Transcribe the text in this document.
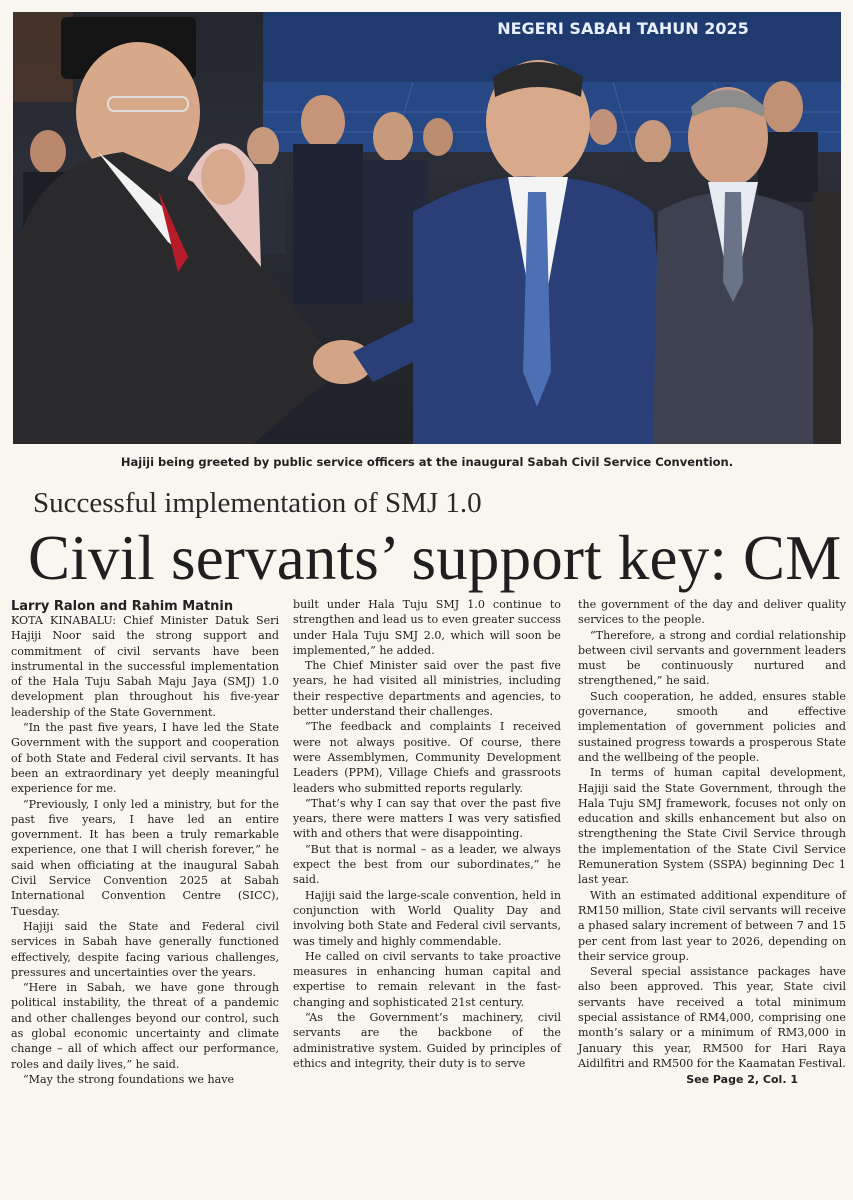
NEGERI SABAH TAHUN 2025
Hajiji being greeted by public service officers at the inaugural Sabah Civil Service Convention.
Successful implementation of SMJ 1.0
Civil servants’ support key: CM
Larry Ralon and Rahim Matnin

KOTA KINABALU: Chief Minister Datuk Seri Hajiji Noor said the strong support and commitment of civil servants have been instrumental in the successful implementation of the Hala Tuju Sabah Maju Jaya (SMJ) 1.0 development plan throughout his five-year leadership of the State Government.

“In the past five years, I have led the State Government with the support and cooperation of both State and Federal civil servants. It has been an extraordinary yet deeply meaningful experience for me.

“Previously, I only led a ministry, but for the past five years, I have led an entire government. It has been a truly remarkable experience, one that I will cherish forever,” he said when officiating at the inaugural Sabah Civil Service Convention 2025 at Sabah International Convention Centre (SICC), Tuesday.

Hajiji said the State and Federal civil services in Sabah have generally functioned effectively, despite facing various challenges, pressures and uncertainties over the years.

“Here in Sabah, we have gone through political instability, the threat of a pandemic and other challenges beyond our control, such as global economic uncertainty and climate change – all of which affect our performance, roles and daily lives,” he said.

“May the strong foundations we have

built under Hala Tuju SMJ 1.0 continue to strengthen and lead us to even greater success under Hala Tuju SMJ 2.0, which will soon be implemented,” he added.

The Chief Minister said over the past five years, he had visited all ministries, including their respective departments and agencies, to better understand their challenges.

“The feedback and complaints I received were not always positive. Of course, there were Assemblymen, Community Development Leaders (PPM), Village Chiefs and grassroots leaders who submitted reports regularly.

“That’s why I can say that over the past five years, there were matters I was very satisfied with and others that were disappointing.

“But that is normal – as a leader, we always expect the best from our subordinates,” he said.

Hajiji said the large-scale convention, held in conjunction with World Quality Day and involving both State and Federal civil servants, was timely and highly commendable.

He called on civil servants to take proactive measures in enhancing human capital and expertise to remain relevant in the fast-changing and sophisticated 21st century.

“As the Government’s machinery, civil servants are the backbone of the administrative system. Guided by principles of ethics and integrity, their duty is to serve

the government of the day and deliver quality services to the people.

“Therefore, a strong and cordial relationship between civil servants and government leaders must be continuously nurtured and strengthened,” he said.

Such cooperation, he added, ensures stable governance, smooth and effective implementation of government policies and sustained progress towards a prosperous State and the wellbeing of the people.

In terms of human capital development, Hajiji said the State Government, through the Hala Tuju SMJ framework, focuses not only on education and skills enhancement but also on strengthening the State Civil Service through the implementation of the State Civil Service Remuneration System (SSPA) beginning Dec 1 last year.

With an estimated additional expenditure of RM150 million, State civil servants will receive a phased salary increment of between 7 and 15 per cent from last year to 2026, depending on their service group.

Several special assistance packages have also been approved. This year, State civil servants have received a total minimum special assistance of RM4,000, comprising one month’s salary or a minimum of RM3,000 in January this year, RM500 for Hari Raya Aidilfitri and RM500 for the Kaamatan Festival.

See Page 2, Col. 1
